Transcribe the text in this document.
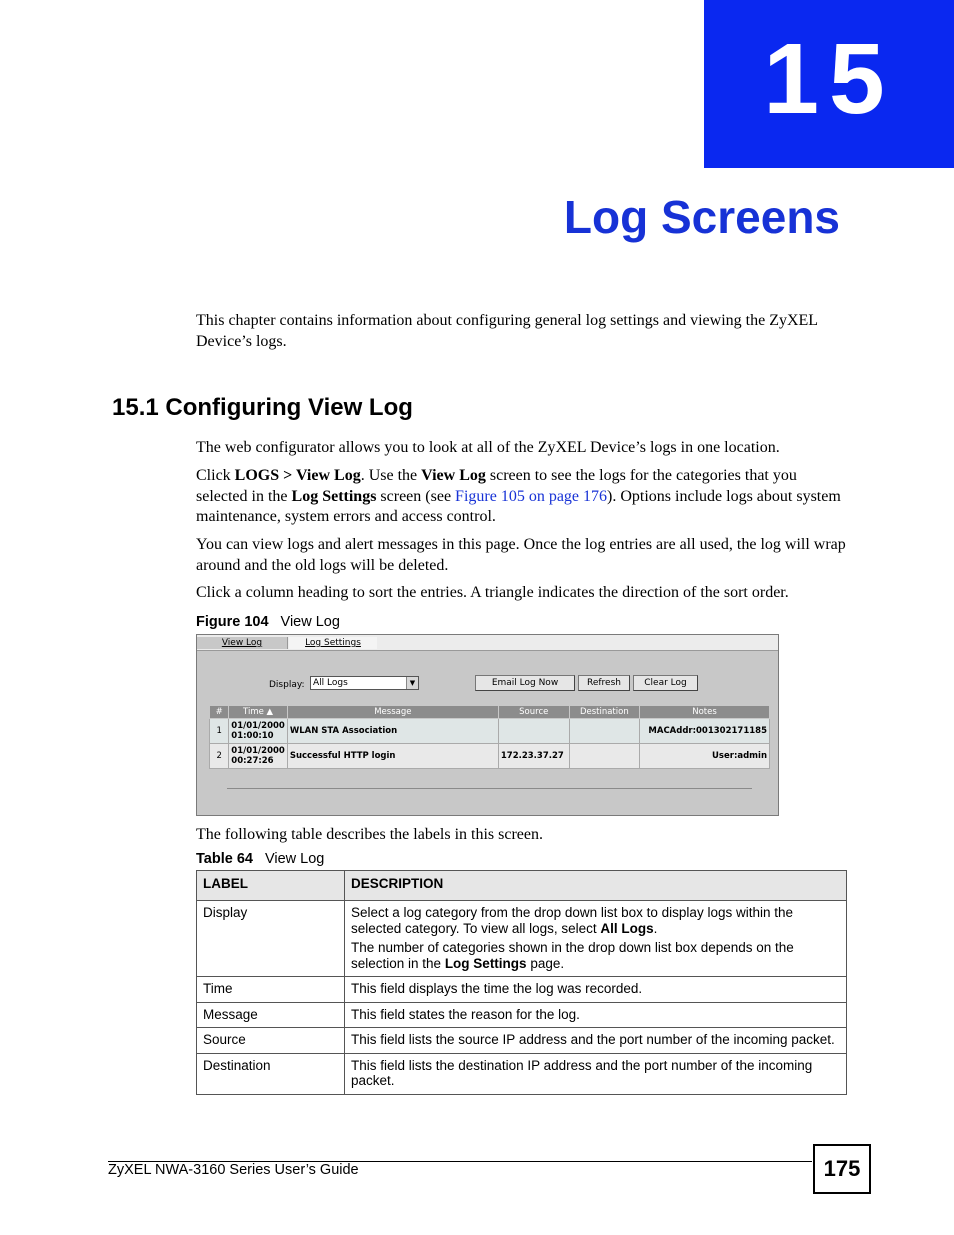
15
Log Screens

This chapter contains information about configuring general log settings and viewing the ZyXEL Device’s logs.

15.1 Configuring View Log

The web configurator allows you to look at all of the ZyXEL Device’s logs in one location.

Click LOGS > View Log. Use the View Log screen to see the logs for the categories that you selected in the Log Settings screen (see Figure 105 on page 176). Options include logs about system maintenance, system errors and access control.

You can view logs and alert messages in this page. Once the log entries are all used, the log will wrap around and the old logs will be deleted.

Click a column heading to sort the entries. A triangle indicates the direction of the sort order.

Figure 104 View Log

View Log	Log Settings
Display: All Logs	▼	Email Log Now	Refresh	Clear Log
#	Time ▲	Message	Source	Destination	Notes
1	01/01/2000
01:00:10	WLAN STA Association			MACAddr:001302171185
2	01/01/2000
00:27:26	Successful HTTP login	172.23.37.27		User:admin

The following table describes the labels in this screen.

Table 64 View Log

LABEL	DESCRIPTION
Display	Select a log category from the drop down list box to display logs within the selected category. To view all logs, select All Logs.

The number of categories shown in the drop down list box depends on the selection in the Log Settings page.

Time	This field displays the time the log was recorded.
Message	This field states the reason for the log.
Source	This field lists the source IP address and the port number of the incoming packet.
Destination	This field lists the destination IP address and the port number of the incoming packet.
ZyXEL NWA-3160 Series User’s Guide	175
